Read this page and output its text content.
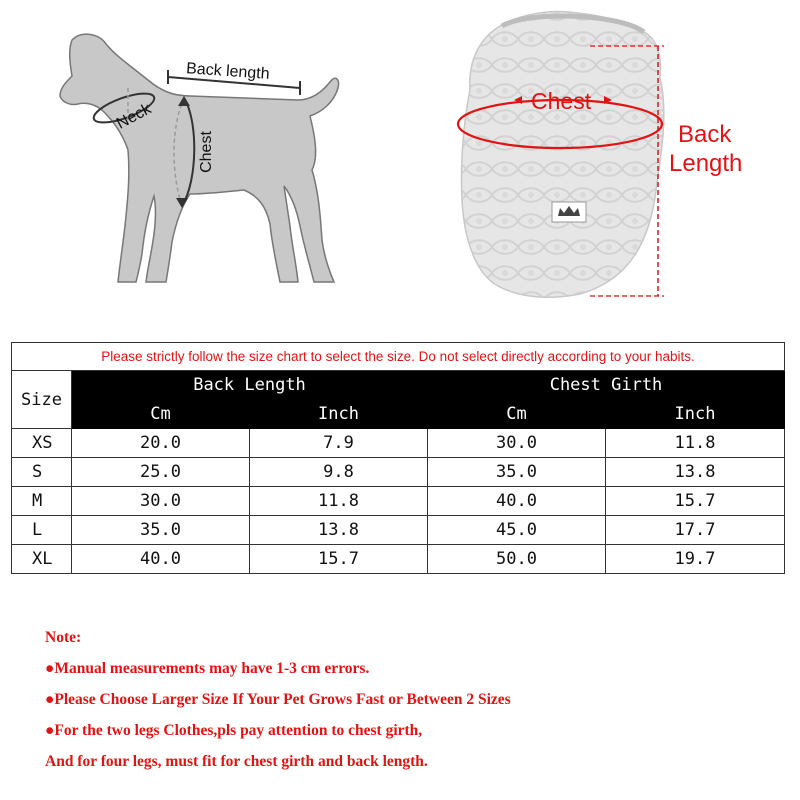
Back length
Neck
Chest
Chest
Back
Length
Please strictly follow the size chart to select the size. Do not select directly according to your habits.				
Size	Back Length		Chest Girth	
	Cm	Inch	Cm	Inch
XS	20.0	7.9	30.0	11.8
S	25.0	9.8	35.0	13.8
M	30.0	11.8	40.0	15.7
L	35.0	13.8	45.0	17.7
XL	40.0	15.7	50.0	19.7
Note:
●Manual measurements may have 1-3 cm errors.
●Please Choose Larger Size If Your Pet Grows Fast or Between 2 Sizes
●For the two legs Clothes,pls pay attention to chest girth,
And for four legs, must fit for chest girth and back length.
